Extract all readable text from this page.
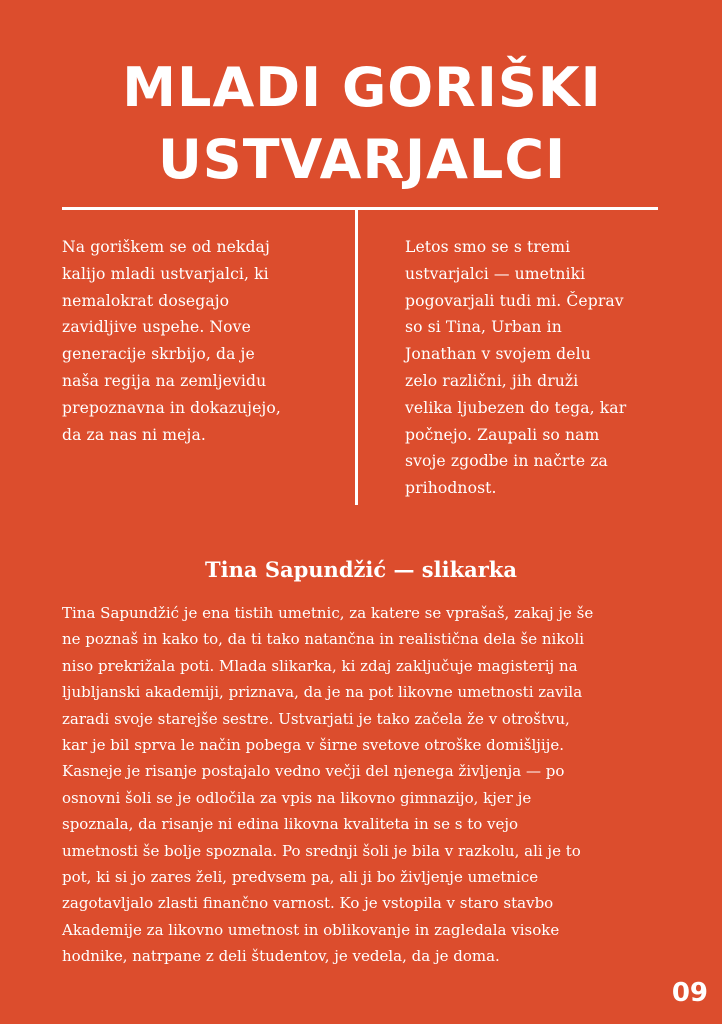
MLADI GORIŠKI
USTVARJALCI
Na goriškem se od nekdaj
kalijo mladi ustvarjalci, ki
nemalokrat dosegajo
zavidljive uspehe. Nove
generacije skrbijo, da je
naša regija na zemljevidu
prepoznavna in dokazujejo,
da za nas ni meja.
Letos smo se s tremi
ustvarjalci — umetniki
pogovarjali tudi mi. Čeprav
so si Tina, Urban in
Jonathan v svojem delu
zelo različni, jih druži
velika ljubezen do tega, kar
počnejo. Zaupali so nam
svoje zgodbe in načrte za
prihodnost.
Tina Sapundžić — slikarka
Tina Sapundžić je ena tistih umetnic, za katere se vprašaš, zakaj je še
ne poznaš in kako to, da ti tako natančna in realistična dela še nikoli
niso prekrižala poti. Mlada slikarka, ki zdaj zaključuje magisterij na
ljubljanski akademiji, priznava, da je na pot likovne umetnosti zavila
zaradi svoje starejše sestre. Ustvarjati je tako začela že v otroštvu,
kar je bil sprva le način pobega v širne svetove otroške domišljije.
Kasneje je risanje postajalo vedno večji del njenega življenja — po
osnovni šoli se je odločila za vpis na likovno gimnazijo, kjer je
spoznala, da risanje ni edina likovna kvaliteta in se s to vejo
umetnosti še bolje spoznala. Po srednji šoli je bila v razkolu, ali je to
pot, ki si jo zares želi, predvsem pa, ali ji bo življenje umetnice
zagotavljalo zlasti finančno varnost. Ko je vstopila v staro stavbo
Akademije za likovno umetnost in oblikovanje in zagledala visoke
hodnike, natrpane z deli študentov, je vedela, da je doma.
09
